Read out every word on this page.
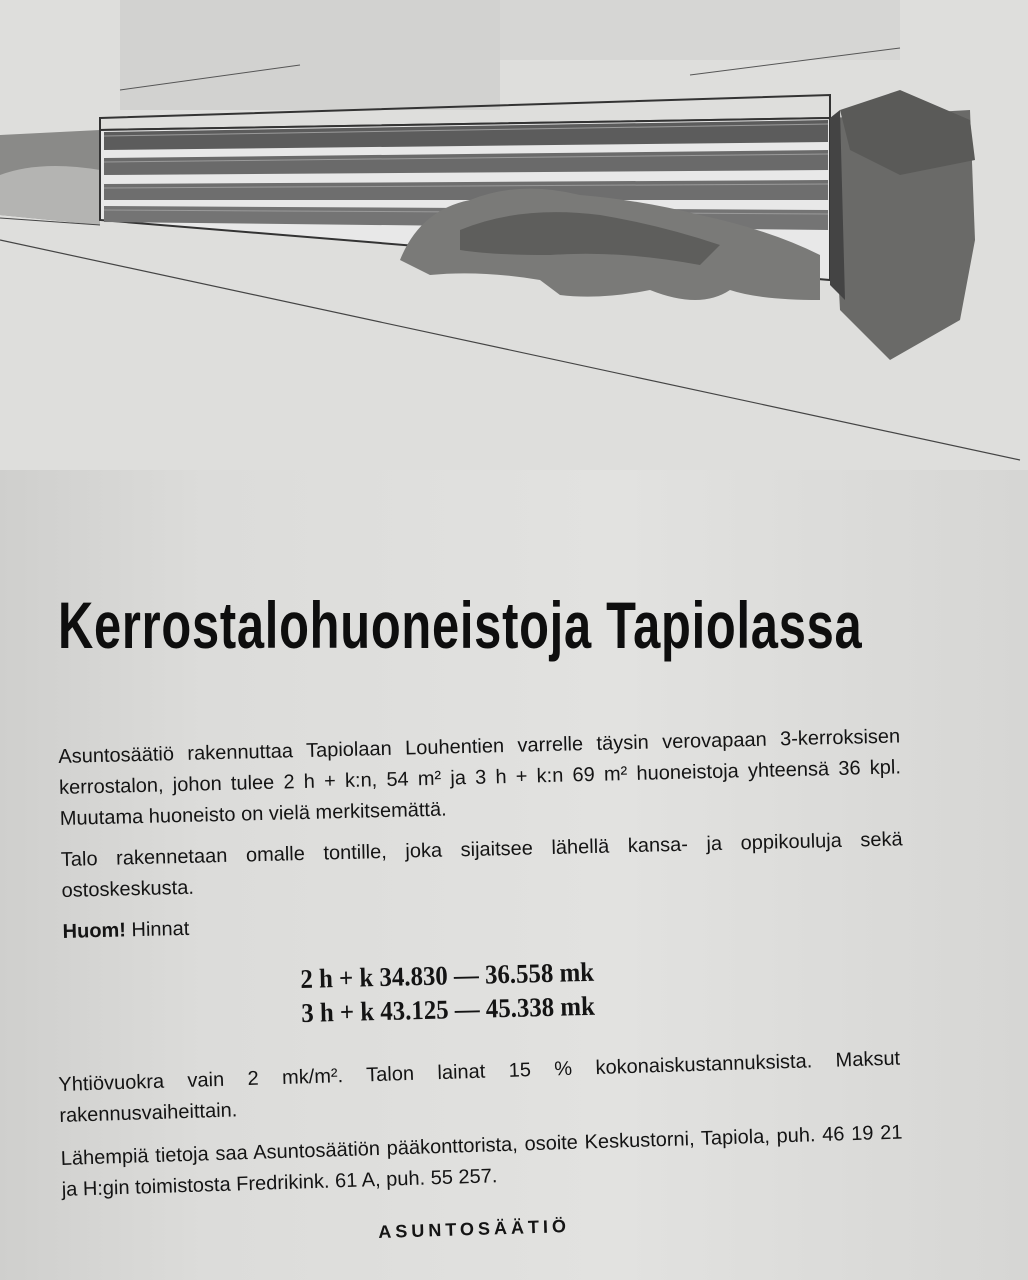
Kerrostalohuoneistoja Tapiolassa

Asuntosäätiö rakennuttaa Tapiolaan Louhentien varrelle täysin verovapaan 3-kerroksisen kerrostalon, johon tulee 2 h + k:n, 54 m² ja 3 h + k:n 69 m² huoneistoja yhteensä 36 kpl. Muutama huoneisto on vielä merkitsemättä.

Talo rakennetaan omalle tontille, joka sijaitsee lähellä kansa- ja oppikouluja sekä ostoskeskusta.

Huom! Hinnat

2 h + k 34.830 — 36.558 mk
3 h + k 43.125 — 45.338 mk

Yhtiövuokra vain 2 mk/m². Talon lainat 15 % kokonaiskustannuksista. Maksut rakennusvaiheittain.

Lähempiä tietoja saa Asuntosäätiön pääkonttorista, osoite Keskustorni, Tapiola, puh. 46 19 21 ja H:gin toimistosta Fredrikink. 61 A, puh. 55 257.

ASUNTOSÄÄTIÖ
